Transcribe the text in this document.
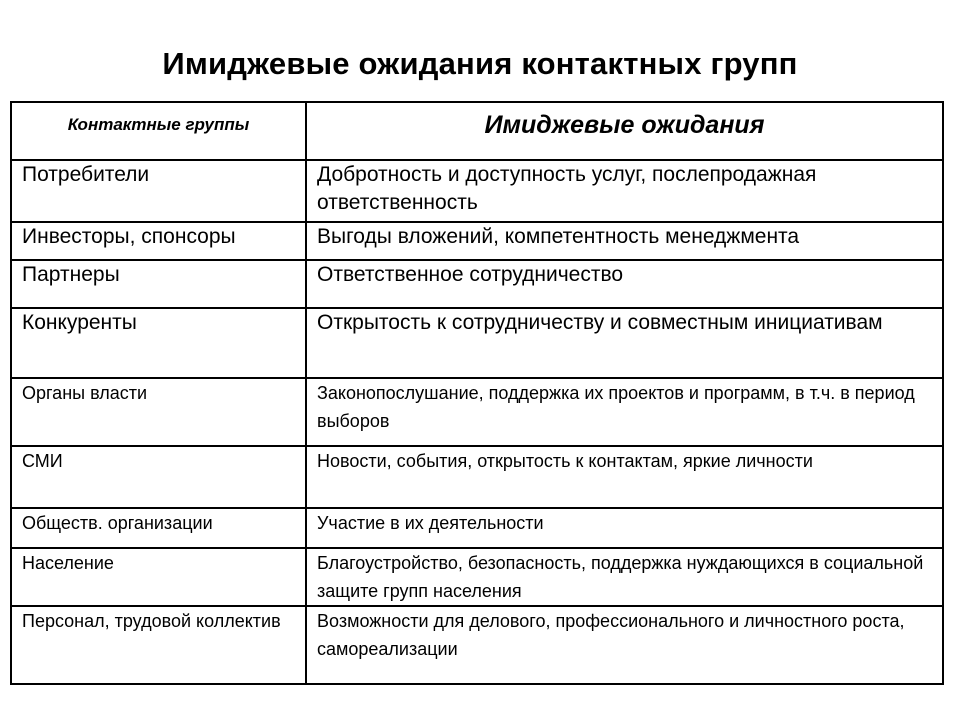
Имиджевые ожидания контактных групп
Контактные группы	Имиджевые ожидания
Потребители	Добротность и доступность услуг, послепродажная ответственность
Инвесторы, спонсоры	Выгоды вложений, компетентность менеджмента
Партнеры	Ответственное сотрудничество
Конкуренты	Открытость к сотрудничеству и совместным инициативам
Органы власти	Законопослушание, поддержка их проектов и программ, в т.ч. в период выборов
СМИ	Новости, события, открытость к контактам, яркие личности
Обществ. организации	Участие в их деятельности
Население	Благоустройство, безопасность, поддержка нуждающихся в социальной защите групп населения
Персонал, трудовой коллектив	Возможности для делового, профессионального и личностного роста, самореализации
